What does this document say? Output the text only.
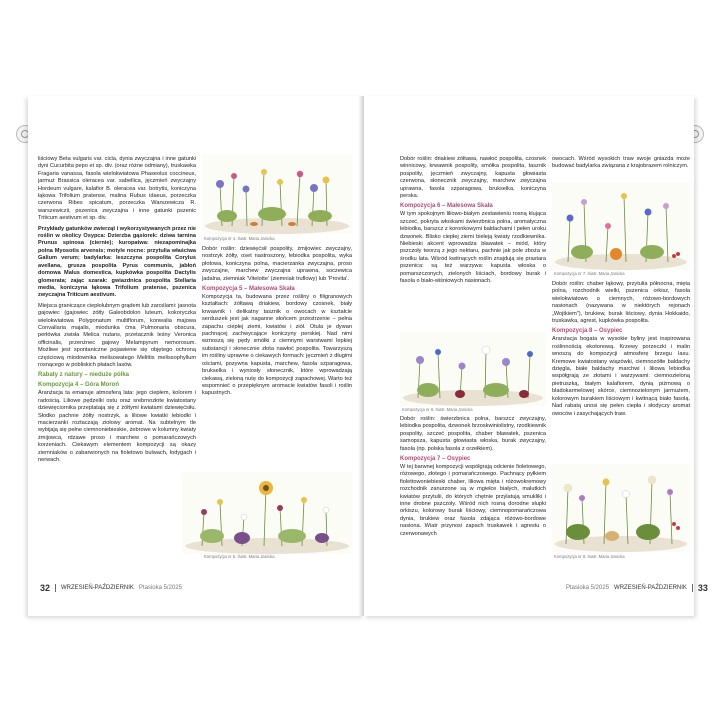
liściowy Beta vulgaris var. cicla, dynia zwyczajna i inne gatunki dyni Cucurbita pepo et sp. div. (oraz różne odmiany), truskawka Fragaria vanassa, fasola wielokwiatowa Phaseolus coccineus, jarmuż Brassica oleracea var. sabellica, jęczmień zwyczajny Hordeum vulgare, kalafior B. oleracea var. botrytis, koniczyna łąkowa Trifolium pratense, malina Rubus idaeus, porzeczka czerwona Ribes spicatum, porzeczka Warszewicza R. warszewiczii, pszenica zwyczajna i inne gatunki pszenic Triticum aestivum et sp. div.

Przykłady gatunków zwierząt i wykorzystywanych przez nie roślin w okolicy Osypca: Dzierzba gąsiorek: dziwa tarnina Prunus spinosa (ciernie); kuropatwa: niezapominajka polna Myosotis arvensis; motyle nocne: przytulia właściwa Galium verum; badylarka: leszczyna pospolita Corylus avellana, grusza pospolita Pyrus communis, jabłoń domowa Malus domestica, kupkówka pospolita Dactylis glomerata; zając szarak: gwiazdnica pospolita Stellaria media, koniczyna łąkowa Trifolium pratense, pszenica zwyczajna Triticum aestivum.

Miejsca graniczące ciepłolubnym grądem lub zaroślami: jasnota gajowiec (gajowiec żółty Galeobdolon luteum, kokoryczka wielokwiatowa Polygonatum multiflorum, konwalia majowa Convallaria majalis, miodunka ćma Pulmonaria obscura, perłówka zwisła Melica nutans, przetacznik leśny Veronica officinalis, przenżnec gajowy Melampyrum nemorosum. Możliwe jest spontaniczne pojawienie się objętego ochroną częściową miodownika melisowatego Melittis melissophyllum rosnącego w pobliskich płatach lasów.

Rabaty z natury – nieduże pólka
Kompozycja 4 – Góra Moroń

Aranżacja ta emanuje atmosferą lata: jego ciepłem, kolorem i radością. Liliowe pędzelki ostu oraz srebrnozłote kwiatostany dziewięciornika przeplatają się z żółtymi kwiatami dziewięćsiłu. Słodko pachnie żółty nostrzyk, a liliowe kwiatki lebiodki i macierzanki roztaczają ziołowy aromat. Na subtelnym tle wybijają się pełne ciemnoniebieskie, żebrowe w kolumny kwiaty żmijowca, rdzawe proso i marchew o pomarańczowych korzeniach. Ciekawym elementem kompozycji są okazy ziemniaków o zabarwionych na fioletowo bulwach, łodygach i nerwach.

Kompozycja nr 4. Ilustr. Maria Janicka

Dobór roślin: dziewięćsił pospolity, żmijowiec zwyczajny, nostrzyk żółty, oset nastroszony, lebiodka pospolita, wyka płotowa, koniczyna polna, macierzanka zwyczajna, proso zwyczajne, marchew zwyczajna uprawna, soczewica jadalna, ziemniak 'Vitelotte' (ziemniak truflowy) lub 'Provita'.

Kompozycja 5 – Małesowa Skała

Kompozycja ta, budowana przez rośliny o filigranowych kształtach: żółtawą driakiew, bordowy czosnek, biały krwawnik i delikatny tasznik o owocach w kształcie serduszek jest jak naganne słońcem przestrzenie – pełna zapachu ciepłej ziemi, kwiatów i ziół. Otula je dywan pachnącej zachwycające koniczyny perskiej. Nad nimi wznoszą się pędy smółki z ciemnymi warstwami lepkiej substancji i słonecznie złota nawłoć pospolita. Towarzyszą im rośliny uprawne o ciekawych formach: jęczmień z długimi ościami, pozywna kapusta, marchew, fasola szparagowa, brukselka i wyniosły słonecznik, które wprowadzają ciekawą, zieloną nutę do kompozycji zapachowej. Warto też wspomnieć o przepięknym aromacie kwiatów fasoli i roślin kapustnych.

Kompozycja nr 5. Ilustr. Maria Janicka

Dobór roślin: driakiew żółtawa, nawłoć pospolita, czosnek winnicowy, krwawnik pospolity, smółka pospolita, tasznik pospolity, jęczmień zwyczajny, kapusta głowiasta czerwona, słonecznik zwyczajny, marchew zwyczajna uprawna, fasola szparagowa, brukselka, koniczyna perska.

Kompozycja 6 – Małesowa Skała

W tym spokojnym liliowo-białym zestawieniu rosną klująca szczeć, pokryta włoskami świerzbnica polna, aromatyczna lebiodka, barszcz z koronkowymi baldachami i pełen uroku dzwonek. Blisko ciepłej ziemi bieleją kwiaty rzodkiewnika. Niebieski akcent wprowadza bławatek – miód, który pszczoły tworzą z jego nektaru, pachnie jak pole zboża w środku lata. Wśród kwitnących roślin znajdują się prastara pszenica: są też warzywa: kapusta włoska o pomarszczonych, zielonych liściach, bordowy burak i fasola o biało-wiśniowych nasionach.

Kompozycja nr 6. Ilustr. Maria Janicka

Dobór roślin: świerzbnica polna, barszcz zwyczajny, lebiodka pospolita, dzwonek brzoskwiniolistny, rzodkiewnik pospolity, szczeć pospolita, chaber bławatek, pszenica samopsza, kapusta głowiasta włoska, burak zwyczajny, fasola (np. polska fasola z orzełkiem).

Kompozycja 7 – Osypiec

W tej barwnej kompozycji współgrają odcienie fioletowego, różowego, złotego i pomarańczowego. Pachnący pyłkiem fiolettowoniebieski chaber, liliowa mięta i różowokremowy rozchodnik zanurzone są w mgiełce białych, malutkich kwiatów przytulii, do których chętnie przylatują smukliki i inne drobne pszczoły. Wśród nich rosną dorodne słupki orkiszu, kolorowy burak liściowy, ciemnopomarańczowa dynia, brukiew oraz fasola zdająca różowo-bordowe nasiona. Wiatr przynosi zapach truskawek i agrestu o czerwonawych

owocach. Wśród wysokich traw swoje gniazda może budować badylarka związana z krajobrazem rolniczym.

Kompozycja nr 7. Ilustr. Maria Janicka

Dobór roślin: chaber łąkowy, przytulia północna, mięta polna, rozchodnik wielki, pszenica orkisz, fasola wielokwiatowo o ciemnych, różowo-bordowych nasionach (nazywana w niektórych rejonach „Wojtkiem"), brukiew, burak liściowy, dynia Hokkaido, truskawka, agrest, kupkówka pospolita.

Kompozycja 8 – Osypiec

Aranżacja bogata w wysokie byliny jest inspirowana roślinnością ekotonową. Krzewy porzeczki i malin wnoszą do kompozycji atmosferę brzegu lasu. Kremowe kwiatostany wiązówki, ciemnozółte baldachy dzięgla, białe baldachy marchwi i liliowa lebiodka współgrają ze złotami i warzywami: ciemnozieloną pietruszką, białym kalafiorem, dynią piżmową o bladokarmelowej skórce, ciemnozielonym jarmużem, kolorowym burakiem liściowym i kwitnącą biało fasolą. Nad rabatą unosi się pełen ciepła i słodyczy aromat owoców i zasychających traw.

Kompozycja nr 8. Ilustr. Maria Janicka
32 WRZESIEŃ-PAŹDZIERNIK Ptasioka 5/2025	Ptasioka 5/2025 WRZESIEŃ-PAŹDZIERNIK 33
